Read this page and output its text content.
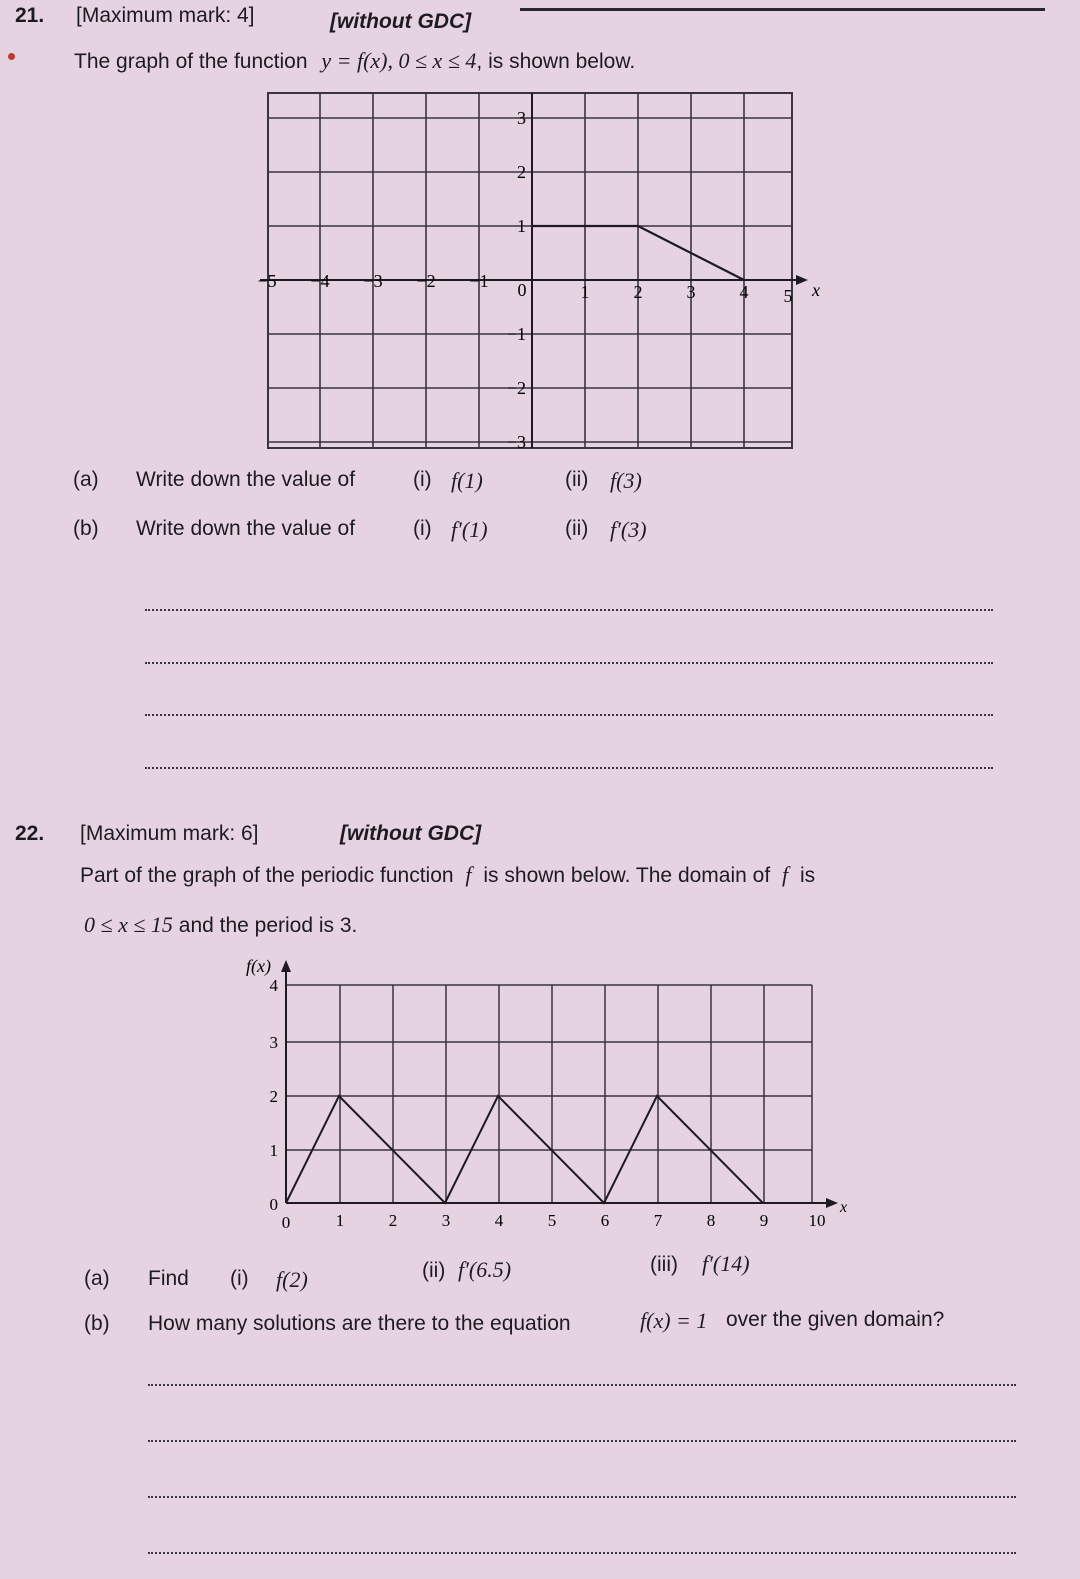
21. [Maximum mark: 4]	[without GDC]
The graph of the function y = f(x), 0 ≤ x ≤ 4, is shown below.
x
−5 −4 −3 −2 −1 0	1 2 3 4 5
3
2
1
−1
−2
−3
(a) Write down the value of	(i) f(1)	(ii) f(3)
(b) Write down the value of	(i) f′(1)	(ii) f′(3)
22. [Maximum mark: 6]	[without GDC]
Part of the graph of the periodic function f is shown below. The domain of f is
0 ≤ x ≤ 15 and the period is 3.
f(x)
x
0
1
2
3
4
0	1	2	3	4	5	6	7	8	9 10
(a) Find (i) f(2)	(ii) f′(6.5)	(iii) f′(14)
(b) How many solutions are there to the equation	f(x) = 1 over the given domain?
